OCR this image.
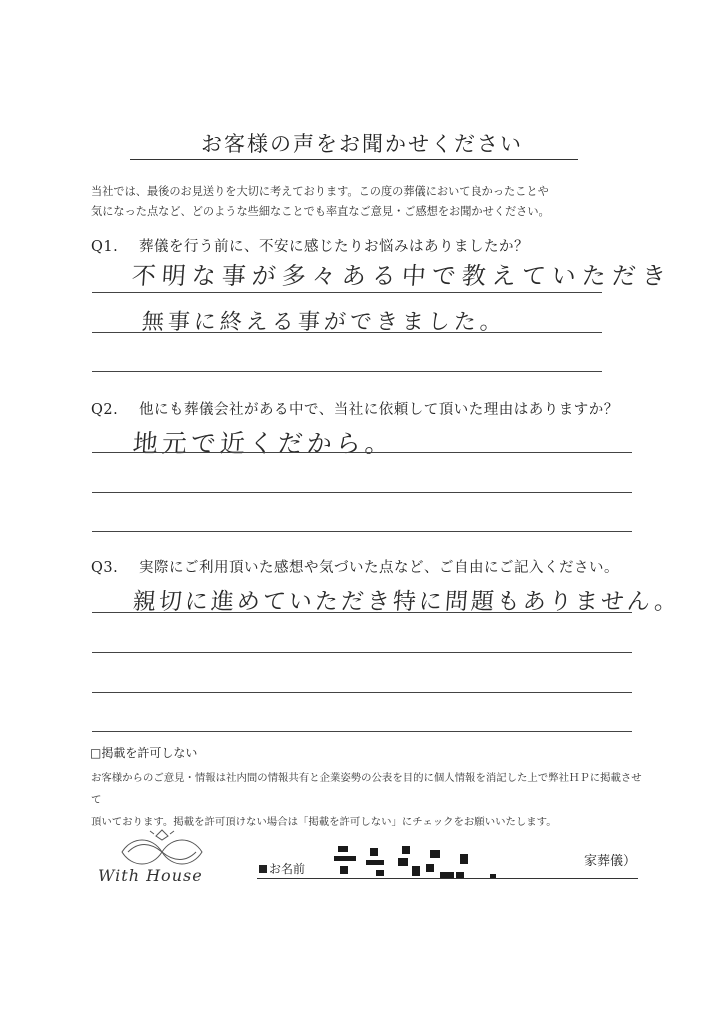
お客様の声をお聞かせください
当社では、最後のお見送りを大切に考えております。この度の葬儀において良かったことや
気になった点など、どのような些細なことでも率直なご意見・ご感想をお聞かせください。
Q1. 葬儀を行う前に、不安に感じたりお悩みはありましたか？
不明な事が多々ある中で教えていただき
無事に終える事ができました。
Q2. 他にも葬儀会社がある中で、当社に依頼して頂いた理由はありますか？
地元で近くだから。
Q3. 実際にご利用頂いた感想や気づいた点など、ご自由にご記入ください。
親切に進めていただき特に問題もありません。
□掲載を許可しない
お客様からのご意見・情報は社内間の情報共有と企業姿勢の公表を目的に個人情報を消記した上で弊社ＨＰに掲載させて
頂いております。掲載を許可頂けない場合は「掲載を許可しない」にチェックをお願いいたします。
With House	お名前	家葬儀）
